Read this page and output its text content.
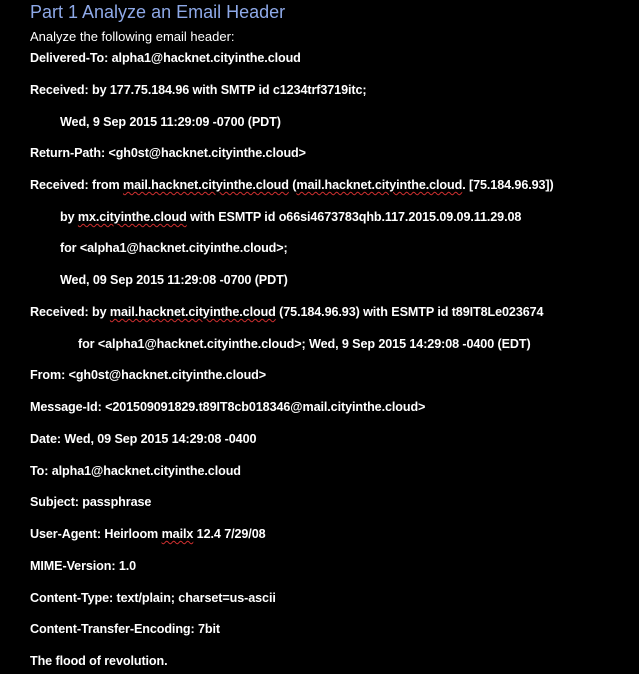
Part 1 Analyze an Email Header
Analyze the following email header:
Delivered-To: alpha1@hacknet.cityinthe.cloud
Received: by 177.75.184.96 with SMTP id c1234trf3719itc;
Wed, 9 Sep 2015 11:29:09 -0700 (PDT)
Return-Path: <gh0st@hacknet.cityinthe.cloud>
Received: from mail.hacknet.cityinthe.cloud (mail.hacknet.cityinthe.cloud. [75.184.96.93])
by mx.cityinthe.cloud with ESMTP id o66si4673783qhb.117.2015.09.09.11.29.08
for <alpha1@hacknet.cityinthe.cloud>;
Wed, 09 Sep 2015 11:29:08 -0700 (PDT)
Received: by mail.hacknet.cityinthe.cloud (75.184.96.93) with ESMTP id t89IT8Le023674
for <alpha1@hacknet.cityinthe.cloud>; Wed, 9 Sep 2015 14:29:08 -0400 (EDT)
From: <gh0st@hacknet.cityinthe.cloud>
Message-Id: <201509091829.t89IT8cb018346@mail.cityinthe.cloud>
Date: Wed, 09 Sep 2015 14:29:08 -0400
To: alpha1@hacknet.cityinthe.cloud
Subject: passphrase
User-Agent: Heirloom mailx 12.4 7/29/08
MIME-Version: 1.0
Content-Type: text/plain; charset=us-ascii
Content-Transfer-Encoding: 7bit
The flood of revolution.
